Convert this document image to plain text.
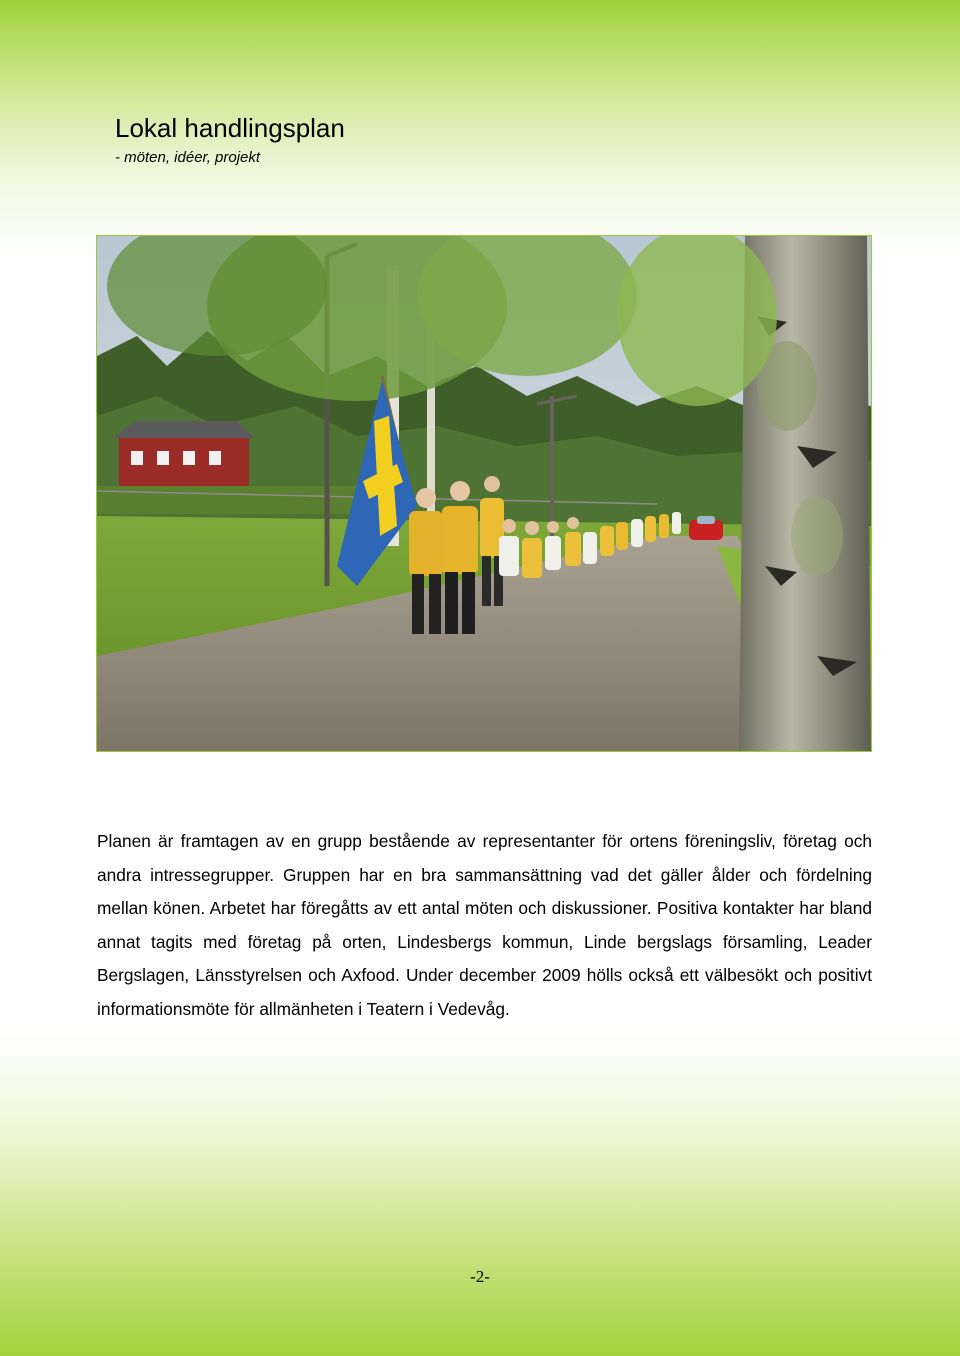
Lokal handlingsplan
- möten, idéer, projekt
Planen är framtagen av en grupp bestående av representanter för ortens föreningsliv, företag och andra intressegrupper. Gruppen har en bra sammansättning vad det gäller ålder och fördelning mellan könen. Arbetet har föregåtts av ett antal möten och diskussioner. Positiva kontakter har bland annat tagits med företag på orten, Lindesbergs kommun, Linde bergslags församling, Leader Bergslagen, Länsstyrelsen och Axfood. Under december 2009 hölls också ett välbesökt och positivt informationsmöte för allmänheten i Teatern i Vedevåg.
-2-
